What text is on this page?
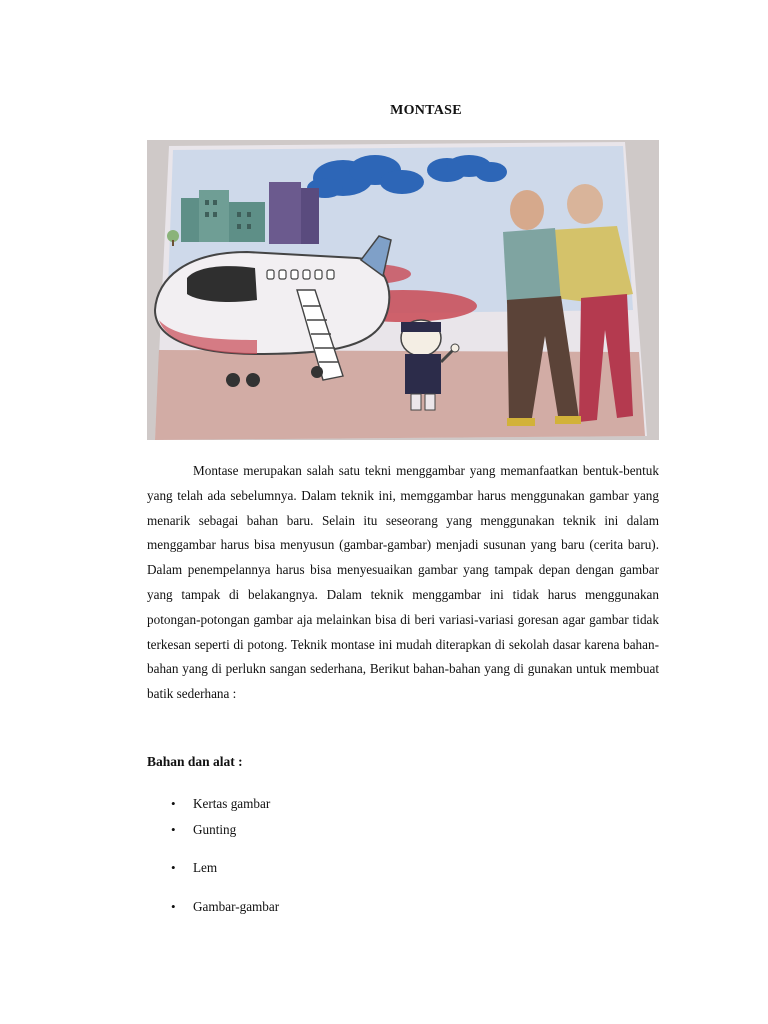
MONTASE

Montase merupakan salah satu tekni menggambar yang memanfaatkan bentuk-bentuk yang telah ada sebelumnya. Dalam teknik ini, memggambar harus menggunakan gambar yang menarik sebagai bahan baru. Selain itu seseorang yang menggunakan teknik ini dalam menggambar harus bisa menyusun (gambar-gambar) menjadi susunan yang baru (cerita baru). Dalam penempelannya harus bisa menyesuaikan gambar yang tampak depan dengan gambar yang tampak di belakangnya. Dalam teknik menggambar ini tidak harus menggunakan potongan-potongan gambar aja melainkan bisa di beri variasi-variasi goresan agar gambar tidak terkesan seperti di potong. Teknik montase ini mudah diterapkan di sekolah dasar karena bahan-bahan yang di perlukn sangan sederhana, Berikut bahan-bahan yang di gunakan untuk membuat batik sederhana :

Bahan dan alat :
• Kertas gambar
• Gunting
• Lem
• Gambar-gambar
